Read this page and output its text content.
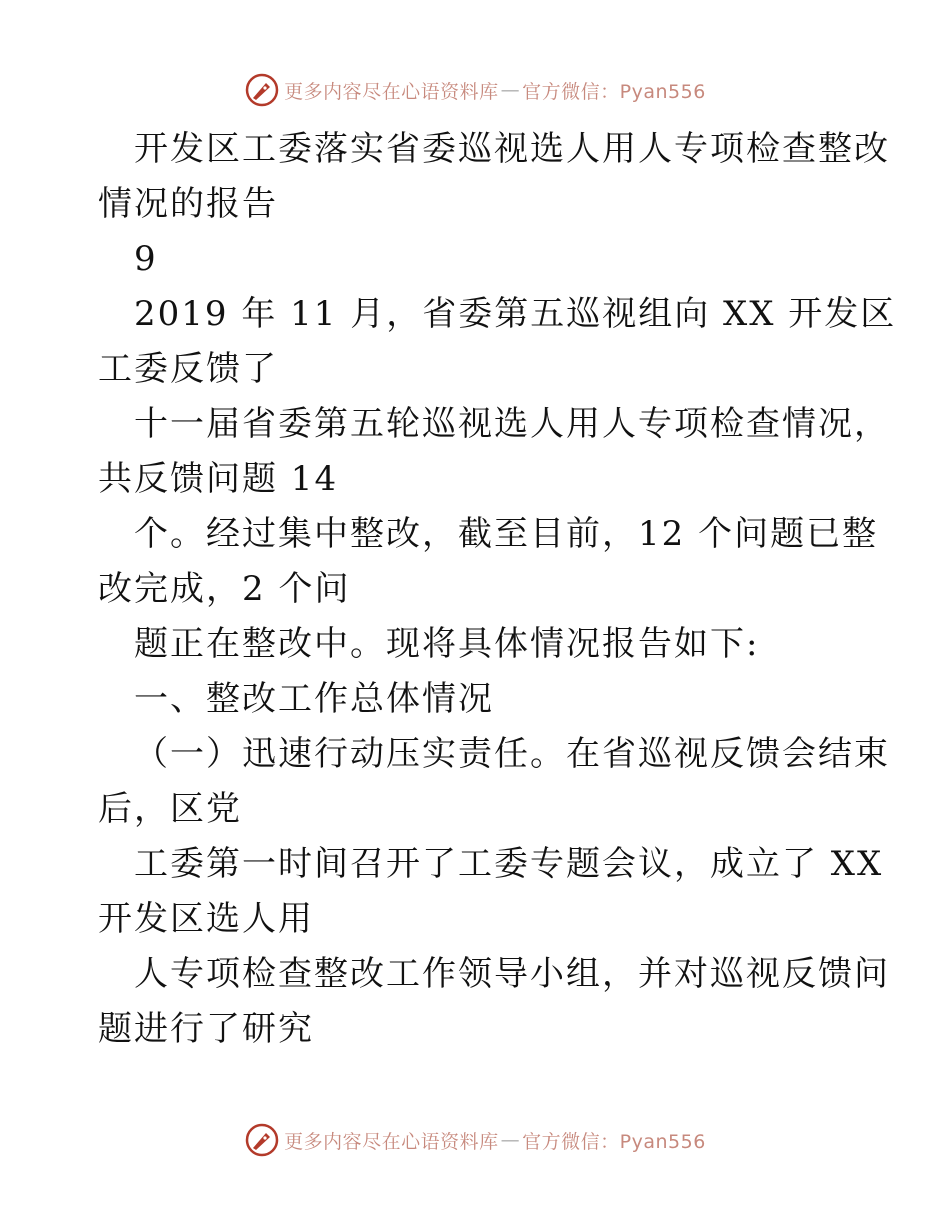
更多内容尽在心语资料库 — 官方微信：Pyan556
开发区工委落实省委巡视选人用人专项检查整改
情况的报告
9
2019 年 11 月，省委第五巡视组向 XX 开发区
工委反馈了
十一届省委第五轮巡视选人用人专项检查情况，
共反馈问题 14
个。经过集中整改，截至目前，12 个问题已整
改完成，2 个问
题正在整改中。现将具体情况报告如下:
一、整改工作总体情况
（一）迅速行动压实责任。在省巡视反馈会结束
后，区党
工委第一时间召开了工委专题会议，成立了 XX
开发区选人用
人专项检查整改工作领导小组，并对巡视反馈问
题进行了研究
更多内容尽在心语资料库 — 官方微信：Pyan556
